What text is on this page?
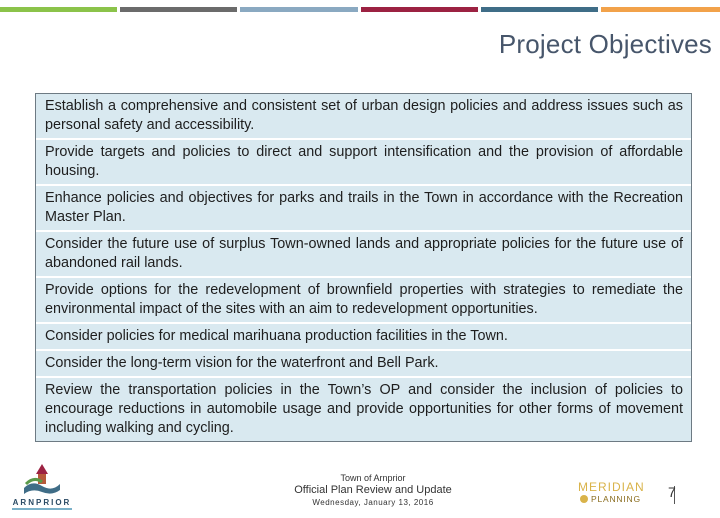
Project Objectives
Establish a comprehensive and consistent set of urban design policies and address issues such as personal safety and accessibility.
Provide targets and policies to direct and support intensification and the provision of affordable housing.
Enhance policies and objectives for parks and trails in the Town in accordance with the Recreation Master Plan.
Consider the future use of surplus Town-owned lands and appropriate policies for the future use of abandoned rail lands.
Provide options for the redevelopment of brownfield properties with strategies to remediate the environmental impact of the sites with an aim to redevelopment opportunities.
Consider policies for medical marihuana production facilities in the Town.
Consider the long-term vision for the waterfront and Bell Park.
Review the transportation policies in the Town’s OP and consider the inclusion of policies to encourage reductions in automobile usage and provide opportunities for other forms of movement including walking and cycling.
ARNPRIOR
Town of Arnprior
Official Plan Review and Update
Wednesday, January 13, 2016
MERIDIAN
PLANNING 7
